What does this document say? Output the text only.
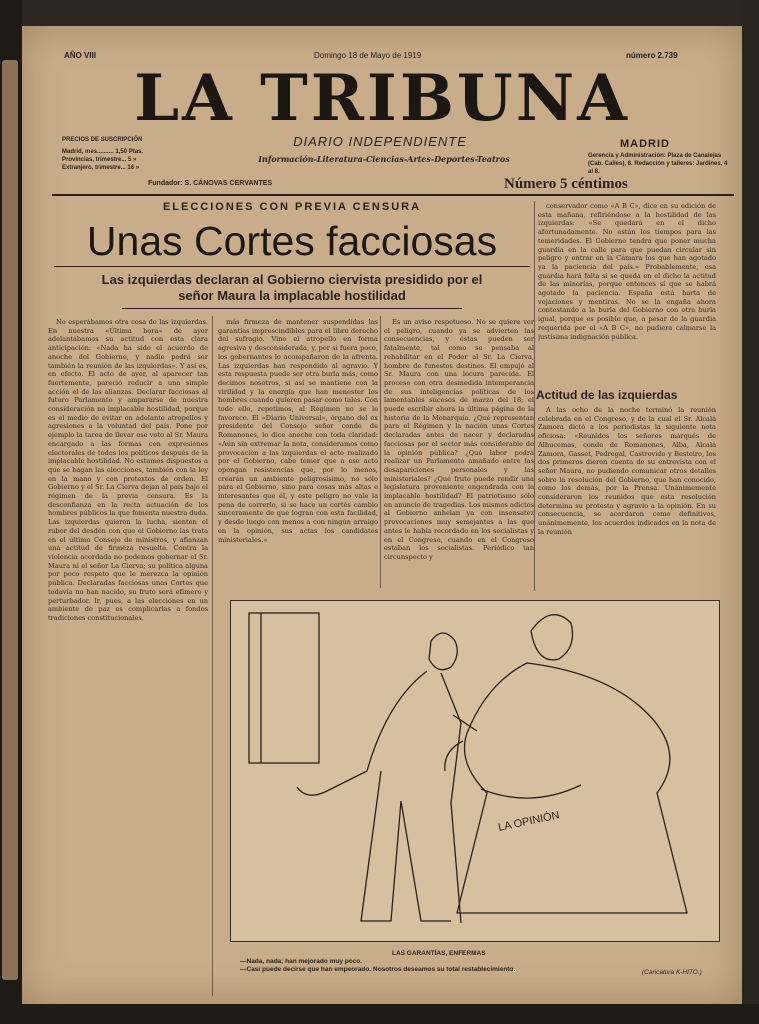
AÑO VIII	Domingo 18 de Mayo de 1919	número 2.739
LA TRIBUNA
DIARIO INDEPENDIENTE
Información-Literatura-Ciencias-Artes-Deportes-Teatros
PRECIOS DE SUSCRIPCIÓN
Madrid, mes.......... 1,50 Ptas.
Provincias, trimestre... 5 »
Extranjero, trimestre... 16 »
Fundador: S. CÁNOVAS CERVANTES
MADRID
Gerencia y Administración: Plaza de Canalejas (Cab. Calles), 8. Redacción y talleres: Jardines, 4 al 8.
Número 5 céntimos
ELECCIONES CON PREVIA CENSURA
Unas Cortes facciosas
Las izquierdas declaran al Gobierno ciervista presidido por el señor Maura la implacable hostilidad

No esperábamos otra cosa de las izquierdas. En nuestra «Última hora» de ayer adelantábamos su actitud con esta clara anticipación: «Nada ha sido el acuerdo de anoche del Gobierno, y nadie podrá ser también la reunión de las izquierdas». Y así es, en efecto. El acto de ayer, al aparecer tan fuertemente, pareció reducir a una simple acción el de las alianzas. Declarar facciosas al futuro Parlamento y ampararse de nuestra consideración no implacable hostilidad, porque es el medio de evitar en adelante atropellos y agresiones a la voluntad del país. Pone por ejemplo la tarea de llevar ese voto al Sr. Maura encargado a las formas con expresiones electorales de todos los políticos después de la implacable hostilidad. No estamos dispuestos a que se hagan las elecciones, también con la ley en la mano y con pretextos de orden. El Gobierno y el Sr. La Cierva dejan al país bajo el régimen de la previa censura. Es la desconfianza en la recta actuación de los hombres públicos la que fomenta nuestra duda. Las izquierdas quieren la lucha, sienten el rubor del desdén con que el Gobierno las trata en el último Consejo de ministros, y afianzan una actitud de firmeza resuelta. Contra la violencia acordada no podemos gobernar el Sr. Maura ni el señor La Cierva; su política alguna por poco respeto que le merezca la opinión pública. Declaradas facciosas unas Cortes que todavía no han nacido, su fruto será efímero y perturbador. Ir, pues, a las elecciones en un ambiente de paz es complicarlas a fondos tradiciones constitucionales.

más firmeza de mantener suspendidas las garantías imprescindibles para el libre derecho del sufragio. Vino el atropello en forma agresiva y desconsiderada, y, por si fuera poco, los gobernantes lo acompañaron de la afrenta. Las izquierdas han respondido al agravio. Y esta respuesta puede ser otra burla más, como decimos nosotros, si así se mantiene con la virilidad y la energía que han menester los hombres cuando quieren pasar como tales. Con todo ello, repetimos, al Régimen no se le favorece. El «Diario Universal», órgano del ex presidente del Consejo señor conde de Romanones, lo dice anoche con toda claridad: «Aún sin extremar la nota, consideramos como provocación a las izquierdas el acto realizado por el Gobierno, cabe temer que a ese acto opongan resistencias que, por lo menos, crearán un ambiente peligrosísimo, no sólo para el Gobierno, sino para cosas más altas e interesantes que él, y este peligro no vale la pena de correrlo, si se hace un cortés cambio sinceramente de que logran con esta facilidad, y desde luego con menos a con ningún arraigo en la opinión, sus actas los candidatos ministeriales.»

Es un aviso respetuoso. No se quiere ver el peligro, cuando ya se advierten las consecuencias, y éstas pueden ser fatalmente, tal como se pensaba al rehabilitar en el Poder al Sr. La Cierva, hombre de funestos destinos. El empujó al Sr. Maura con una locura parecida. El proceso con otra desmedida intemperancia de sus inteligencias políticas de los lamentables sucesos de marzo del 18; el puede escribir ahora la última página de la historia de la Monarquía. ¿Qué representan para el Régimen y la nación unas Cortes declaradas antes de nacer y declaradas facciosas por el sector más considerable de la opinión pública? ¿Qué labor podrá realizar un Parlamento amañado entre las desapariciones personales y las ministeriales? ¿Qué fruto puede rendir una legislatura proveniente engendrada con la implacable hostilidad? El patriotismo sólo en anuncio de tragedias. Los mismos adictos al Gobierno anhelan ya con insensatez provocaciones muy semejantes a las que antes le había recordado en los socialistas y en el Congreso, cuando en el Congreso estaban los socialistas. Periódico tan circunspecto y

conservador como «A B C», dice en su edición de esta mañana, refiriéndose a la hostilidad de las izquierdas: «Se quedará en el dicho afortunadamente. No están los tiempos para las temeridades. El Gobierno tendrá que poner mucha guardia en la calle para que puedan circular sin peligro y entrar en la Cámara los que han agotado ya la paciencia del país.» Probablemente, esa guardia hará falta si se queda en el dicho la actitud de las minorías, porque entonces sí que se habrá agotado la paciencia. España está harta de vejaciones y mentiras. No se la engaña ahora contestando a la burla del Gobierno con otra burla igual, porque es posible que, a pesar de la guardia requerida por el «A B C», no pudiera calmarse la justísima indignación pública.

Actitud de las izquierdas

A las ocho de la noche terminó la reunión celebrada en el Congreso, y de la cual el Sr. Alcalá Zamora dictó a los periodistas la siguiente nota oficiosa: «Reunidos los señores marqués de Alhucemas, conde de Romanones, Alba, Alcalá Zamora, Gasset, Pedregal, Castrovido y Besteiro, los dos primeros dieron cuenta de su entrevista con el señor Maura, no pudiendo comunicar otros detalles sobre la resolución del Gobierno, que han conocido, como los demás, por la Prensa. Unánimemente consideraron los reunidos que esta resolución determina su protesta y agravio a la opinión. En su consecuencia, se acordaron como definitivos, unánimemente, los acuerdos indicados en la nota de la reunión

LA OPINIÓN
LAS GARANTÍAS, ENFERMAS
—Nada, nada; han mejorado muy poco.
—Casi puede decirse que han empeorado. Nosotros deseamos su total restablecimiento.	(Caricatura K-HITO.)
